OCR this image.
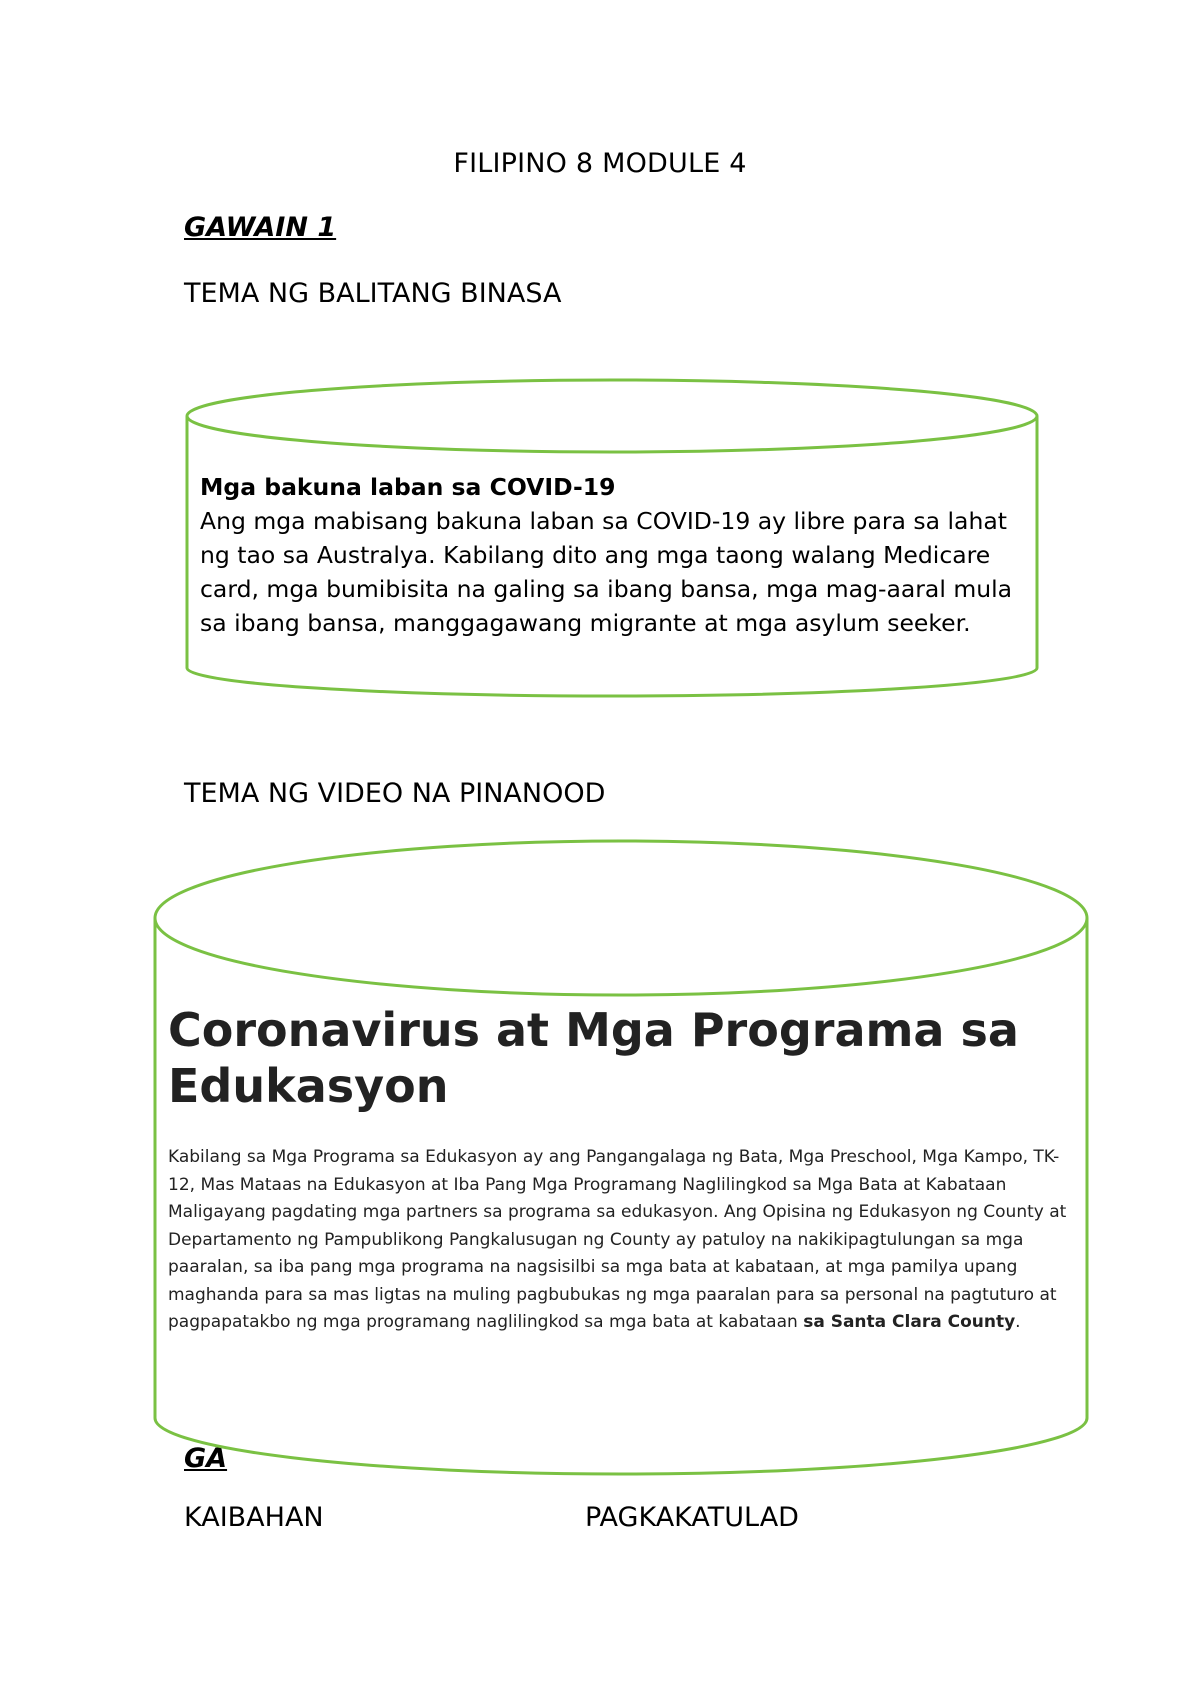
FILIPINO 8 MODULE 4
GAWAIN 1
TEMA NG BALITANG BINASA
Mga bakuna laban sa COVID-19
Ang mga mabisang bakuna laban sa COVID-19 ay libre para sa lahat ng tao sa Australya. Kabilang dito ang mga taong walang Medicare card, mga bumibisita na galing sa ibang bansa, mga mag-aaral mula sa ibang bansa, manggagawang migrante at mga asylum seeker.
TEMA NG VIDEO NA PINANOOD
GA
Coronavirus at Mga Programa sa Edukasyon

Kabilang sa Mga Programa sa Edukasyon ay ang Pangangalaga ng Bata, Mga Preschool, Mga Kampo, TK-12, Mas Mataas na Edukasyon at Iba Pang Mga Programang Naglilingkod sa Mga Bata at Kabataan

Maligayang pagdating mga partners sa programa sa edukasyon. Ang Opisina ng Edukasyon ng County at Departamento ng Pampublikong Pangkalusugan ng County ay patuloy na nakikipagtulungan sa mga paaralan, sa iba pang mga programa na nagsisilbi sa mga bata at kabataan, at mga pamilya upang maghanda para sa mas ligtas na muling pagbubukas ng mga paaralan para sa personal na pagtuturo at pagpapatakbo ng mga programang naglilingkod sa mga bata at kabataan sa Santa Clara County.

KAIBAHAN	PAGKAKATULAD
